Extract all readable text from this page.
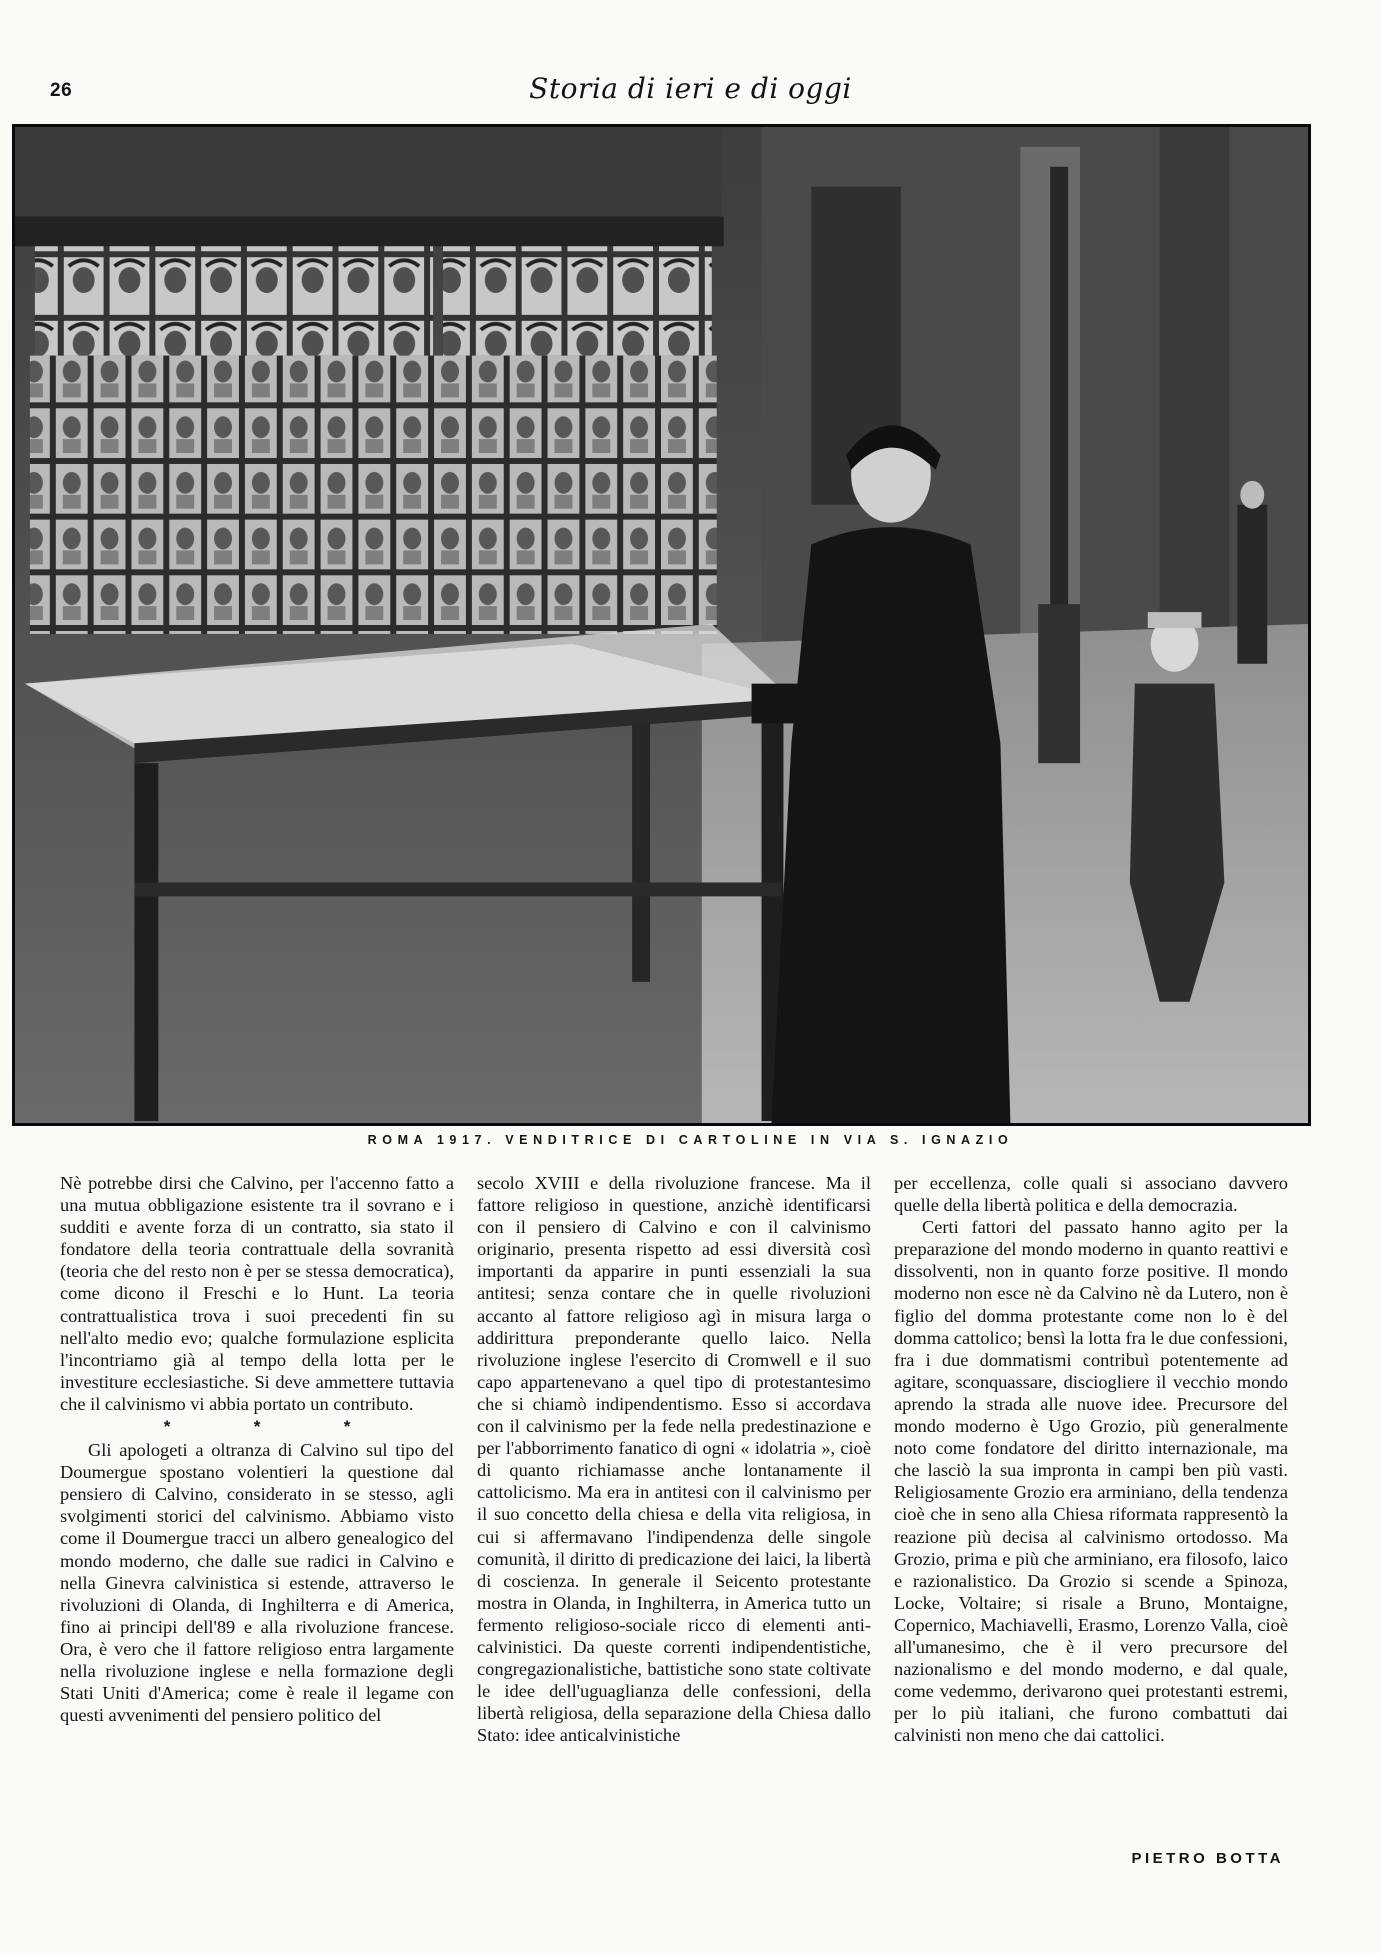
26	Storia di ieri e di oggi
ROMA 1917. VENDITRICE DI CARTOLINE IN VIA S. IGNAZIO

Nè potrebbe dirsi che Calvino, per l'accenno fatto a una mutua obbligazione esistente tra il sovrano e i sudditi e avente forza di un contratto, sia stato il fondatore della teoria contrattuale della sovranità (teoria che del resto non è per se stessa democratica), come dicono il Freschi e lo Hunt. La teoria contrattualistica trova i suoi precedenti fin su nell'alto medio evo; qualche formulazione esplicita l'incontriamo già al tempo della lotta per le investiture ecclesiastiche. Si deve ammettere tuttavia che il calvinismo vi abbia portato un contributo.

*	*	*

Gli apologeti a oltranza di Calvino sul tipo del Doumergue spostano volentieri la questione dal pensiero di Calvino, considerato in se stesso, agli svolgimenti storici del calvinismo. Abbiamo visto come il Doumergue tracci un albero genealogico del mondo moderno, che dalle sue radici in Calvino e nella Ginevra calvinistica si estende, attraverso le rivoluzioni di Olanda, di Inghilterra e di America, fino ai principi dell'89 e alla rivoluzione francese. Ora, è vero che il fattore religioso entra largamente nella rivoluzione inglese e nella formazione degli Stati Uniti d'America; come è reale il legame con questi avvenimenti del pensiero politico del

secolo XVIII e della rivoluzione francese. Ma il fattore religioso in questione, anzichè identificarsi con il pensiero di Calvino e con il calvinismo originario, presenta rispetto ad essi diversità così importanti da apparire in punti essenziali la sua antitesi; senza contare che in quelle rivoluzioni accanto al fattore religioso agì in misura larga o addirittura preponderante quello laico. Nella rivoluzione inglese l'esercito di Cromwell e il suo capo appartenevano a quel tipo di protestantesimo che si chiamò indipendentismo. Esso si accordava con il calvinismo per la fede nella predestinazione e per l'abborrimento fanatico di ogni « idolatria », cioè di quanto richiamasse anche lontanamente il cattolicismo. Ma era in antitesi con il calvinismo per il suo concetto della chiesa e della vita religiosa, in cui si affermavano l'indipendenza delle singole comunità, il diritto di predicazione dei laici, la libertà di coscienza. In generale il Seicento protestante mostra in Olanda, in Inghilterra, in America tutto un fermento religioso-sociale ricco di elementi anti-calvinistici. Da queste correnti indipendentistiche, congregazionalistiche, battistiche sono state coltivate le idee dell'uguaglianza delle confessioni, della libertà religiosa, della separazione della Chiesa dallo Stato: idee anticalvinistiche

per eccellenza, colle quali si associano davvero quelle della libertà politica e della democrazia.

Certi fattori del passato hanno agito per la preparazione del mondo moderno in quanto reattivi e dissolventi, non in quanto forze positive. Il mondo moderno non esce nè da Calvino nè da Lutero, non è figlio del domma protestante come non lo è del domma cattolico; bensì la lotta fra le due confessioni, fra i due dommatismi contribuì potentemente ad agitare, sconquassare, disciogliere il vecchio mondo aprendo la strada alle nuove idee. Precursore del mondo moderno è Ugo Grozio, più generalmente noto come fondatore del diritto internazionale, ma che lasciò la sua impronta in campi ben più vasti. Religiosamente Grozio era arminiano, della tendenza cioè che in seno alla Chiesa riformata rappresentò la reazione più decisa al calvinismo ortodosso. Ma Grozio, prima e più che arminiano, era filosofo, laico e razionalistico. Da Grozio si scende a Spinoza, Locke, Voltaire; si risale a Bruno, Montaigne, Copernico, Machiavelli, Erasmo, Lorenzo Valla, cioè all'umanesimo, che è il vero precursore del nazionalismo e del mondo moderno, e dal quale, come vedemmo, derivarono quei protestanti estremi, per lo più italiani, che furono combattuti dai calvinisti non meno che dai cattolici.

PIETRO BOTTA
